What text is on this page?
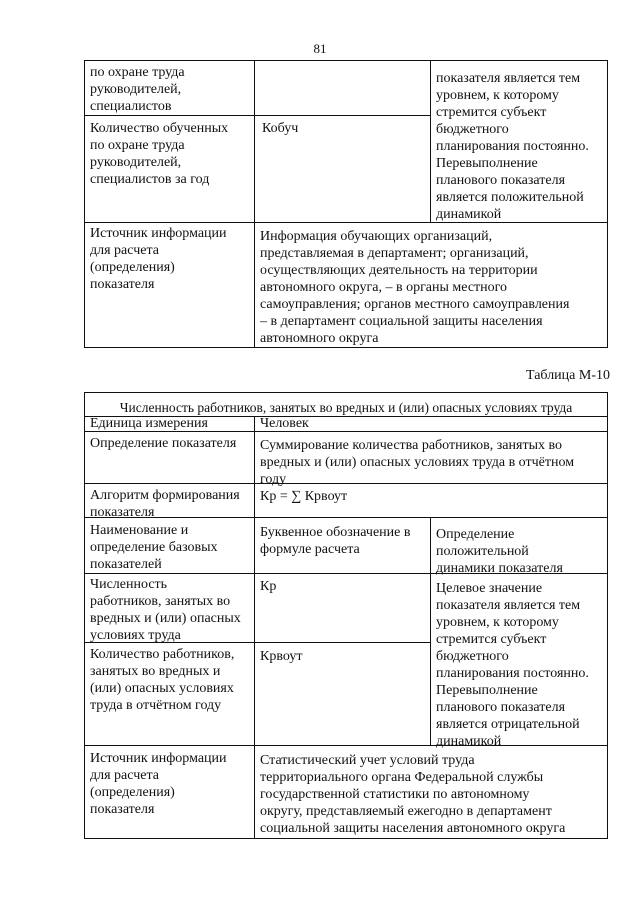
81
по охране труда
руководителей,
специалистов
Количество обученных
по охране труда
руководителей,
специалистов за год
Кобуч
показателя является тем
уровнем, к которому
стремится субъект
бюджетного
планирования постоянно.
Перевыполнение
планового показателя
является положительной
динамикой
Источник информации
для расчета
(определения)
показателя
Информация обучающих организаций,
представляемая в департамент; организаций,
осуществляющих деятельность на территории
автономного округа, – в органы местного
самоуправления; органов местного самоуправления
– в департамент социальной защиты населения
автономного округа
Таблица М-10
Численность работников, занятых во вредных и (или) опасных условиях труда
Единица измерения	Человек
Определение показателя	Суммирование количества работников, занятых во
вредных и (или) опасных условиях труда в отчётном
году
Алгоритм формирования
показателя
Кр = ∑ Крвоут
Наименование и
определение базовых
показателей
Буквенное обозначение в
формуле расчета
Определение
положительной
динамики показателя
Численность
работников, занятых во
вредных и (или) опасных
условиях труда
Кр
Количество работников,
занятых во вредных и
(или) опасных условиях
труда в отчётном году
Крвоут
Целевое значение
показателя является тем
уровнем, к которому
стремится субъект
бюджетного
планирования постоянно.
Перевыполнение
планового показателя
является отрицательной
динамикой
Источник информации
для расчета
(определения)
показателя
Статистический учет условий труда
территориального органа Федеральной службы
государственной статистики по автономному
округу, представляемый ежегодно в департамент
социальной защиты населения автономного округа
